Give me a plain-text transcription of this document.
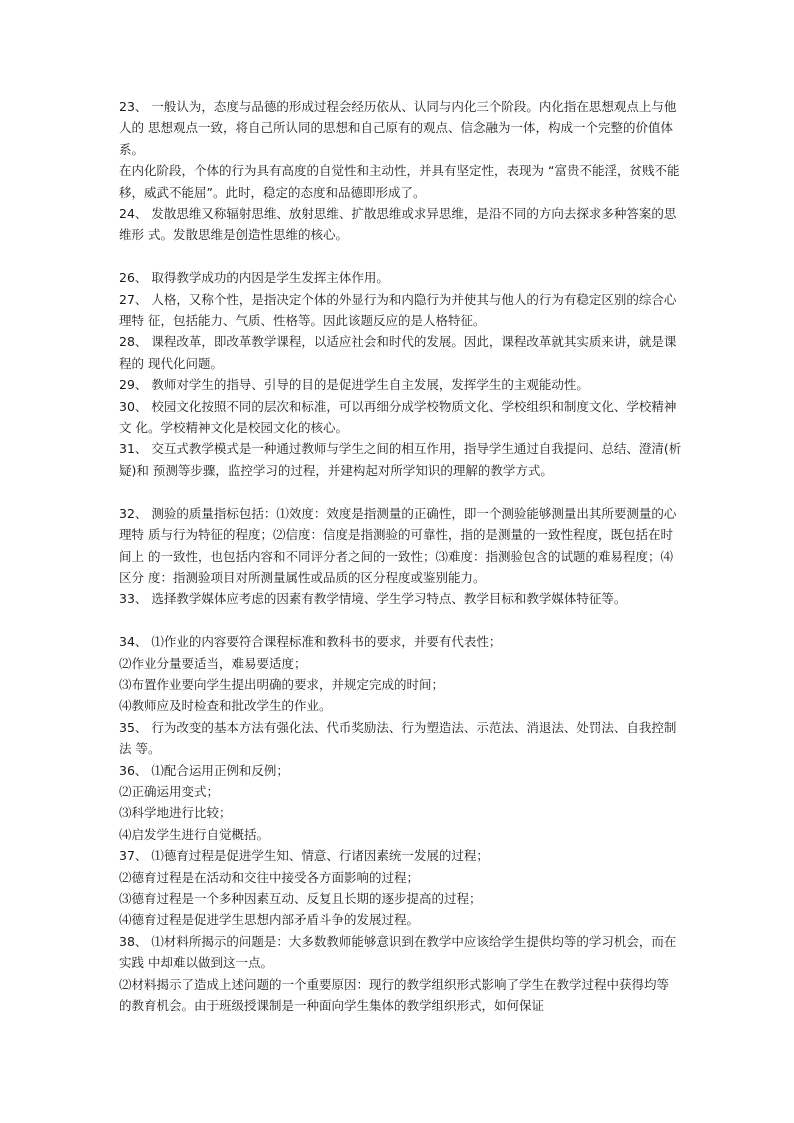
23、 一般认为，态度与品德的形成过程会经历依从、认同与内化三个阶段。内化指在思想观点上与他人的 思想观点一致，将自己所认同的思想和自己原有的观点、信念融为一体，构成一个完整的价值体系。

在内化阶段，个体的行为具有高度的自觉性和主动性，并具有坚定性，表现为 “富贵不能淫，贫贱不能 移，威武不能屈”。此时，稳定的态度和品德即形成了。

24、 发散思维又称辐射思维、放射思维、扩散思维或求异思维，是沿不同的方向去探求多种答案的思维形 式。发散思维是创造性思维的核心。

26、 取得教学成功的内因是学生发挥主体作用。

27、 人格，又称个性，是指决定个体的外显行为和内隐行为并使其与他人的行为有稳定区别的综合心理特 征，包括能力、气质、性格等。因此该题反应的是人格特征。

28、 课程改革，即改革教学课程，以适应社会和时代的发展。因此，课程改革就其实质来讲，就是课程的 现代化问题。

29、 教师对学生的指导、引导的目的是促进学生自主发展，发挥学生的主观能动性。

30、 校园文化按照不同的层次和标准，可以再细分成学校物质文化、学校组织和制度文化、学校精神文 化。学校精神文化是校园文化的核心。

31、 交互式教学模式是一种通过教师与学生之间的相互作用，指导学生通过自我提问、总结、澄清(析疑)和 预测等步骤，监控学习的过程，并建构起对所学知识的理解的教学方式。

32、 测验的质量指标包括：⑴效度：效度是指测量的正确性，即一个测验能够测量出其所要测量的心理特 质与行为特征的程度；⑵信度：信度是指测验的可靠性，指的是测量的一致性程度，既包括在时间上 的一致性，也包括内容和不同评分者之间的一致性；⑶难度：指测验包含的试题的难易程度；⑷区分 度：指测验项目对所测量属性或品质的区分程度或鉴别能力。

33、 选择教学媒体应考虑的因素有教学情境、学生学习特点、教学目标和教学媒体特征等。

34、 ⑴作业的内容要符合课程标准和教科书的要求，并要有代表性；

⑵作业分量要适当，难易要适度；

⑶布置作业要向学生提出明确的要求，并规定完成的时间；

⑷教师应及时检查和批改学生的作业。

35、 行为改变的基本方法有强化法、代币奖励法、行为塑造法、示范法、消退法、处罚法、自我控制法 等。

36、 ⑴配合运用正例和反例；

⑵正确运用变式；

⑶科学地进行比较；

⑷启发学生进行自觉概括。

37、 ⑴德育过程是促进学生知、情意、行诸因素统一发展的过程；

⑵德育过程是在活动和交往中接受各方面影响的过程；

⑶德育过程是一个多种因素互动、反复且长期的逐步提高的过程；

⑷德育过程是促进学生思想内部矛盾斗争的发展过程。

38、 ⑴材料所揭示的问题是：大多数教师能够意识到在教学中应该给学生提供均等的学习机会，而在实践 中却难以做到这一点。

⑵材料揭示了造成上述问题的一个重要原因：现行的教学组织形式影响了学生在教学过程中获得均等 的教育机会。由于班级授课制是一种面向学生集体的教学组织形式，如何保证
